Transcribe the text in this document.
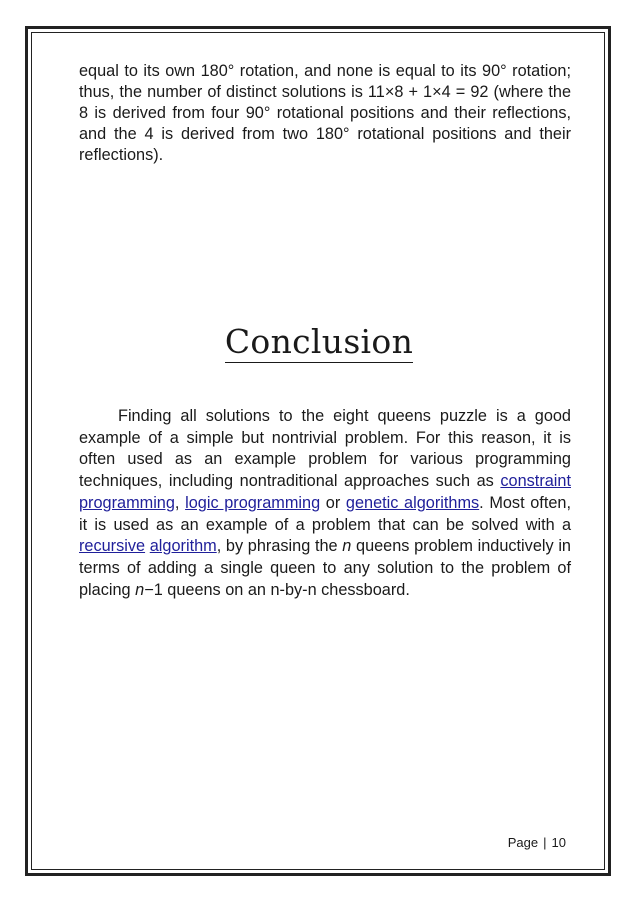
equal to its own 180° rotation, and none is equal to its 90° rotation; thus, the number of distinct solutions is 11×8 + 1×4 = 92 (where the 8 is derived from four 90° rotational positions and their reflections, and the 4 is derived from two 180° rotational positions and their reflections).

Conclusion

Finding all solutions to the eight queens puzzle is a good example of a simple but nontrivial problem. For this reason, it is often used as an example problem for various programming techniques, including nontraditional approaches such as constraint programming, logic programming or genetic algorithms. Most often, it is used as an example of a problem that can be solved with a recursive algorithm, by phrasing the n queens problem inductively in terms of adding a single queen to any solution to the problem of placing n−1 queens on an n-by-n chessboard.

Page | 10
